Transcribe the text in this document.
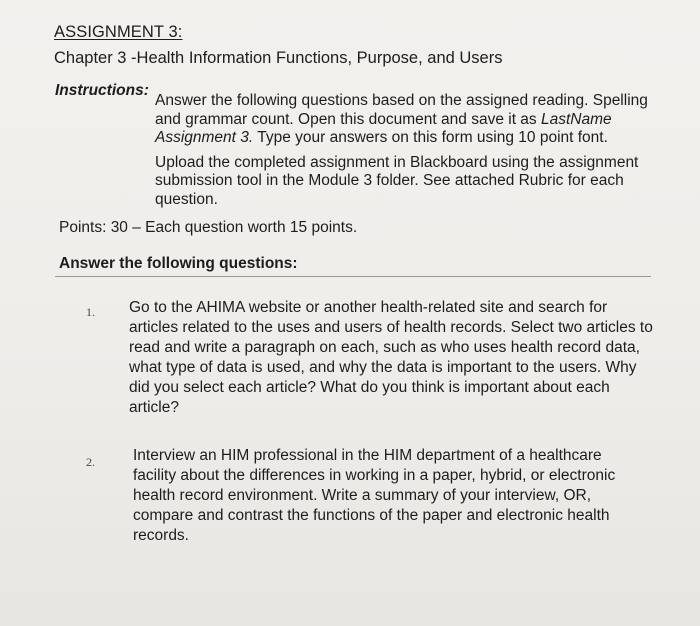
ASSIGNMENT 3:
Chapter 3 -Health Information Functions, Purpose, and Users
Instructions:

Answer the following questions based on the assigned reading. Spelling and grammar count. Open this document and save it as LastName Assignment 3. Type your answers on this form using 10 point font.

Upload the completed assignment in Blackboard using the assignment submission tool in the Module 3 folder. See attached Rubric for each question.

Points: 30 – Each question worth 15 points.
Answer the following questions:
1. Go to the AHIMA website or another health-related site and search for articles related to the uses and users of health records. Select two articles to read and write a paragraph on each, such as who uses health record data, what type of data is used, and why the data is important to the users. Why did you select each article? What do you think is important about each article?
2. Interview an HIM professional in the HIM department of a healthcare facility about the differences in working in a paper, hybrid, or electronic health record environment. Write a summary of your interview, OR, compare and contrast the functions of the paper and electronic health records.
